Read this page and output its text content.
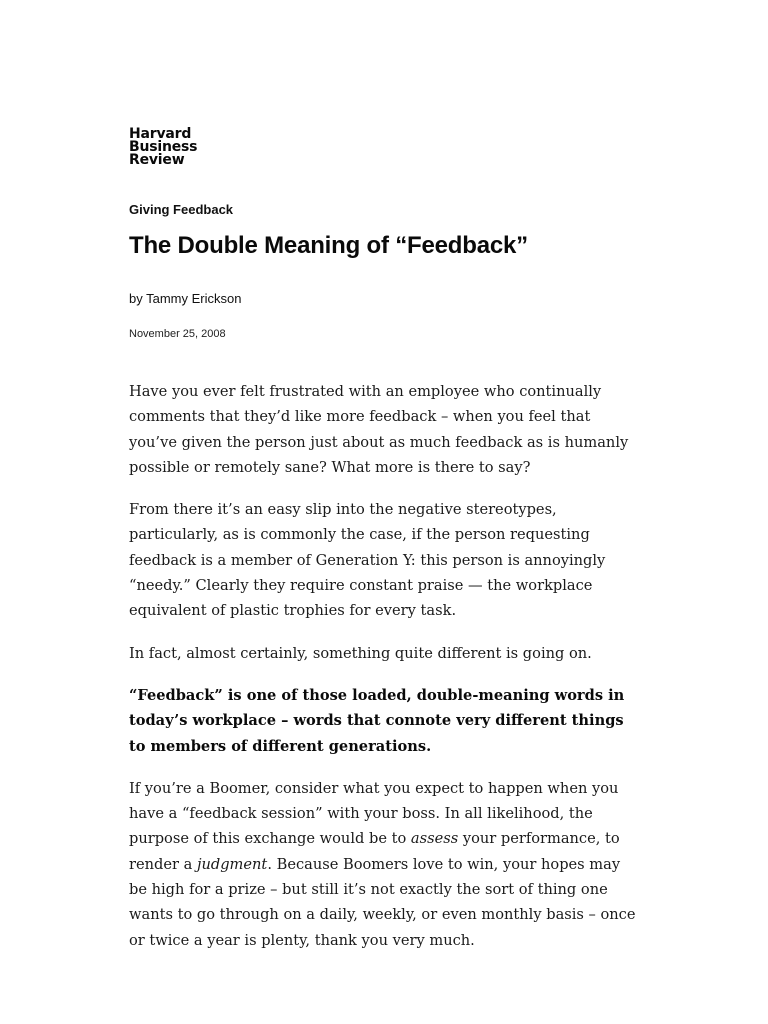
Harvard
Business
Review
Giving Feedback
The Double Meaning of “Feedback”
by Tammy Erickson
November 25, 2008

Have you ever felt frustrated with an employee who continually comments that they’d like more feedback – when you feel that you’ve given the person just about as much feedback as is humanly possible or remotely sane? What more is there to say?

From there it’s an easy slip into the negative stereotypes, particularly, as is commonly the case, if the person requesting feedback is a member of Generation Y: this person is annoyingly “needy.” Clearly they require constant praise — the workplace equivalent of plastic trophies for every task.

In fact, almost certainly, something quite different is going on.

“Feedback” is one of those loaded, double-meaning words in today’s workplace – words that connote very different things to members of different generations.

If you’re a Boomer, consider what you expect to happen when you have a “feedback session” with your boss. In all likelihood, the purpose of this exchange would be to assess your performance, to render a judgment. Because Boomers love to win, your hopes may be high for a prize – but still it’s not exactly the sort of thing one wants to go through on a daily, weekly, or even monthly basis – once or twice a year is plenty, thank you very much.
